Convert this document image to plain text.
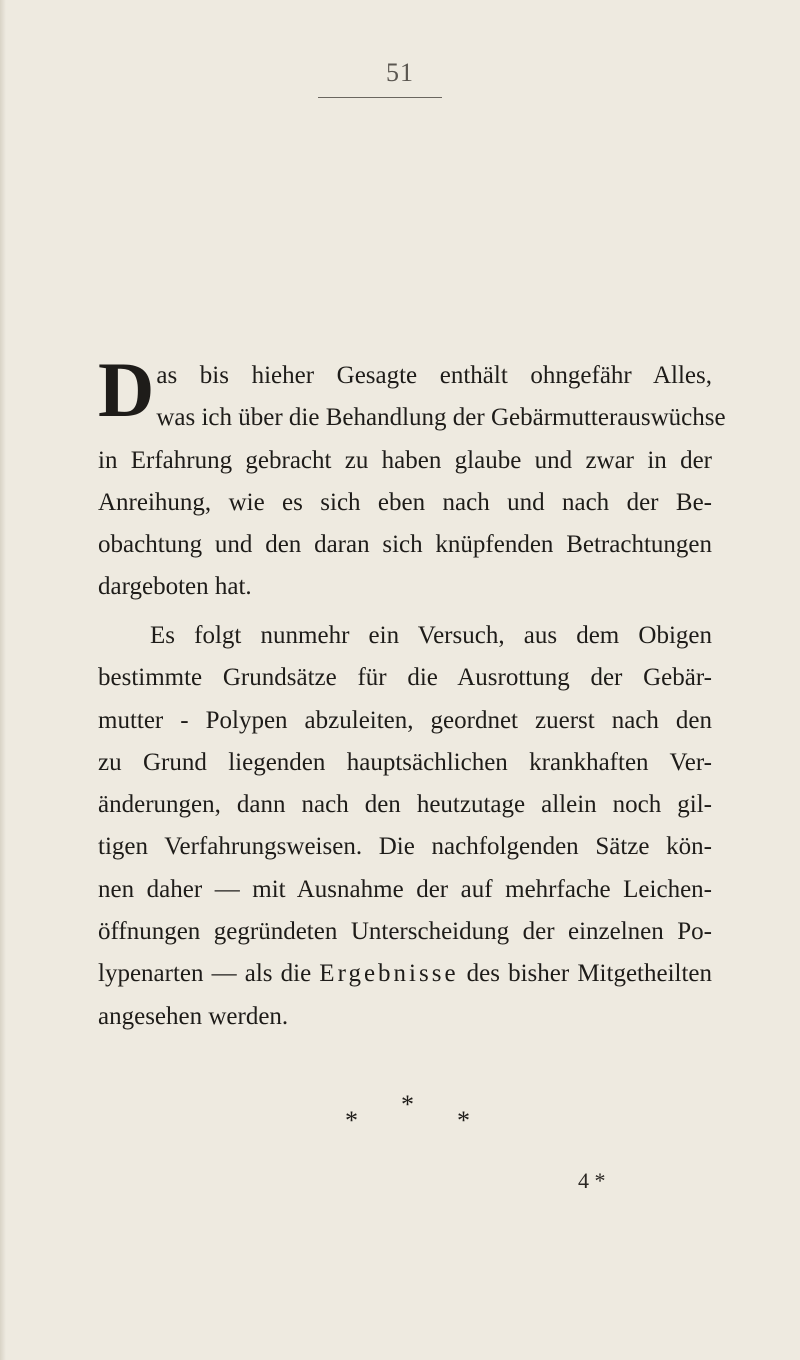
51
D as bis hieher Gesagte enthält ohngefähr Alles,
was ich über die Behandlung der Gebärmutterauswüchse
in Erfahrung gebracht zu haben glaube und zwar in der
Anreihung, wie es sich eben nach und nach der Be-
obachtung und den daran sich knüpfenden Betrachtungen
dargeboten hat.
Es folgt nunmehr ein Versuch, aus dem Obigen
bestimmte Grundsätze für die Ausrottung der Gebär-
mutter - Polypen abzuleiten, geordnet zuerst nach den
zu Grund liegenden hauptsächlichen krankhaften Ver-
änderungen, dann nach den heutzutage allein noch gil-
tigen Verfahrungsweisen. Die nachfolgenden Sätze kön-
nen daher — mit Ausnahme der auf mehrfache Leichen-
öffnungen gegründeten Unterscheidung der einzelnen Po-
lypenarten — als die Ergebnisse des bisher Mitgetheilten
angesehen werden.
*
*
*
4 *
